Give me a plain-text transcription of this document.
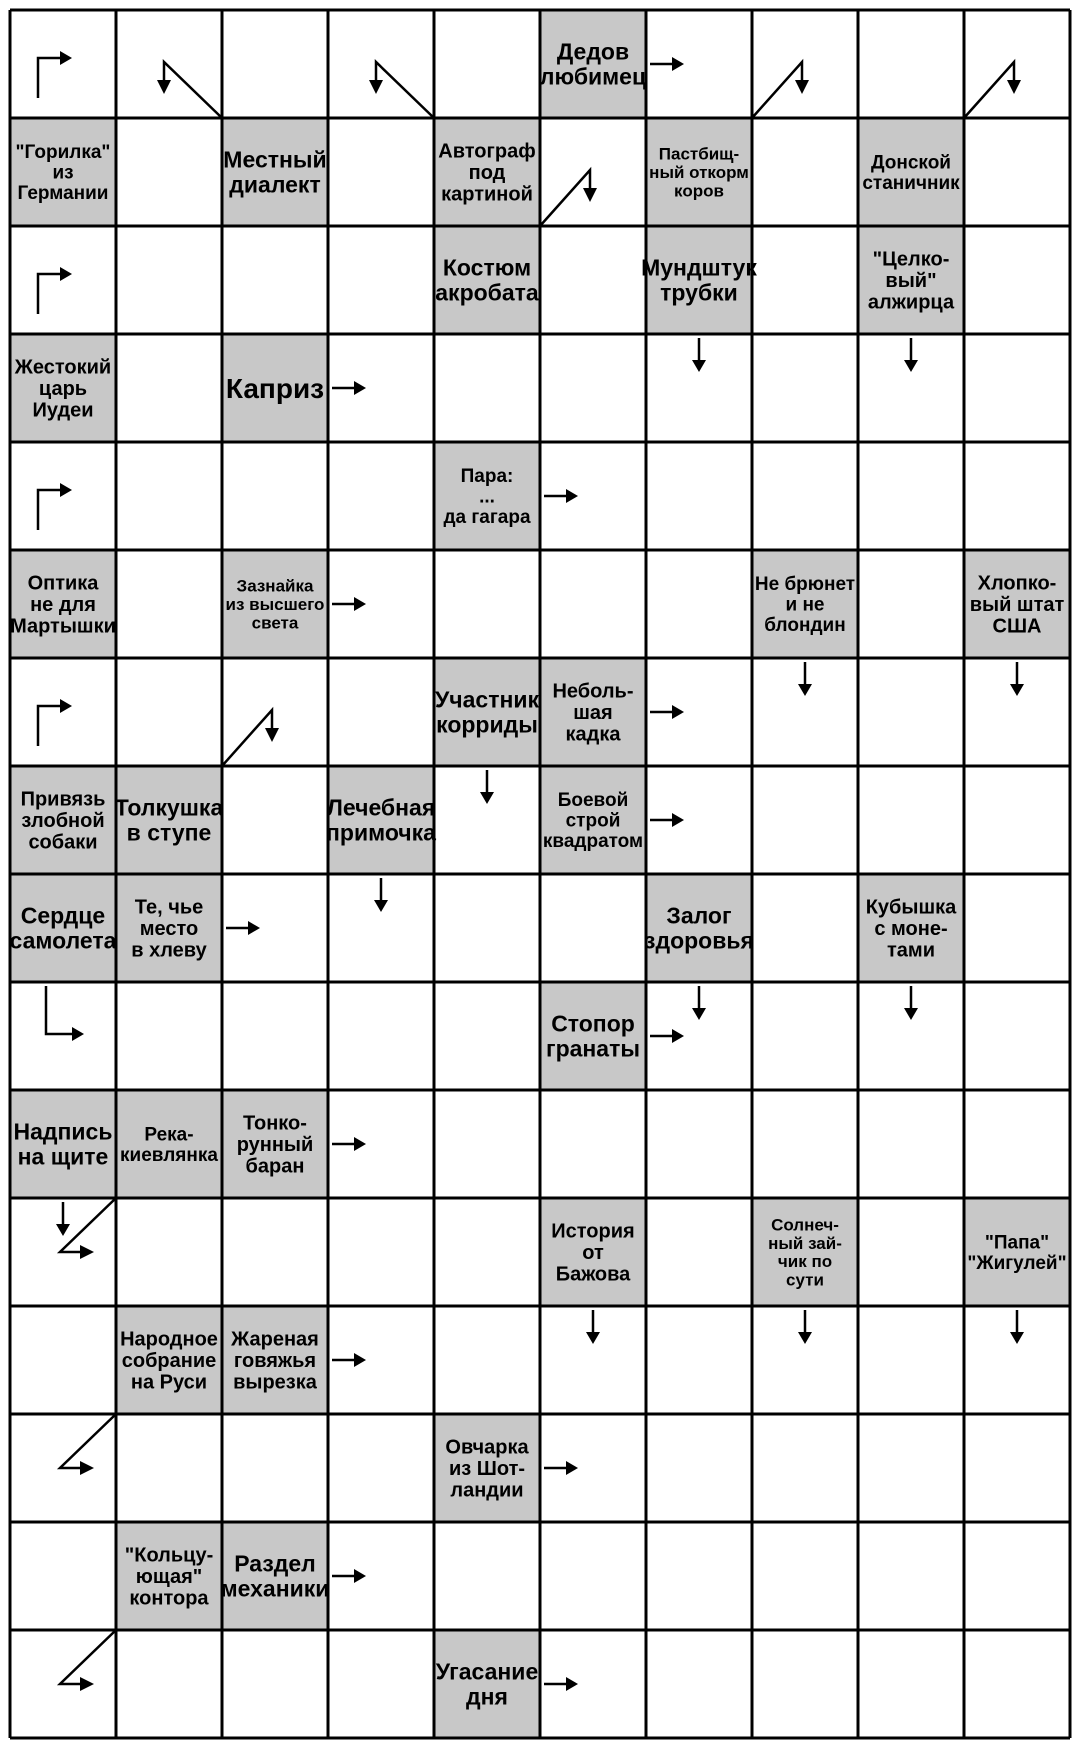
Дедов
любимец
"Горилка"
из
Германии
Местный
диалект
Автограф
под
картиной
Пастбищ-
ный откорм
коров
Донской
станичник
Костюм
акробата
Мундштук
трубки
"Целко-
вый"
алжирца
Жестокий
царь
Иудеи
Каприз
Пара:
...
да гагара
Оптика
не для
Мартышки
Зазнайка
из высшего
света
Не брюнет
и не
блондин
Хлопко-
вый штат
США
Участник
корриды
Неболь-
шая
кадка
Привязь
злобной
собаки
Толкушка
в ступе
Лечебная
примочка
Боевой
строй
квадратом
Сердце
самолета
Те, чье
место
в хлеву
Залог
здоровья
Кубышка
с моне-
тами
Стопор
гранаты
Надпись
на щите
Река-
киевлянка
Тонко-
рунный
баран
История
от
Бажова
Солнеч-
ный зай-
чик по
сути
"Папа"
"Жигулей"
Народное
собрание
на Руси
Жареная
говяжья
вырезка
Овчарка
из Шот-
ландии
"Кольцу-
ющая"
контора
Раздел
механики
Угасание
дня
